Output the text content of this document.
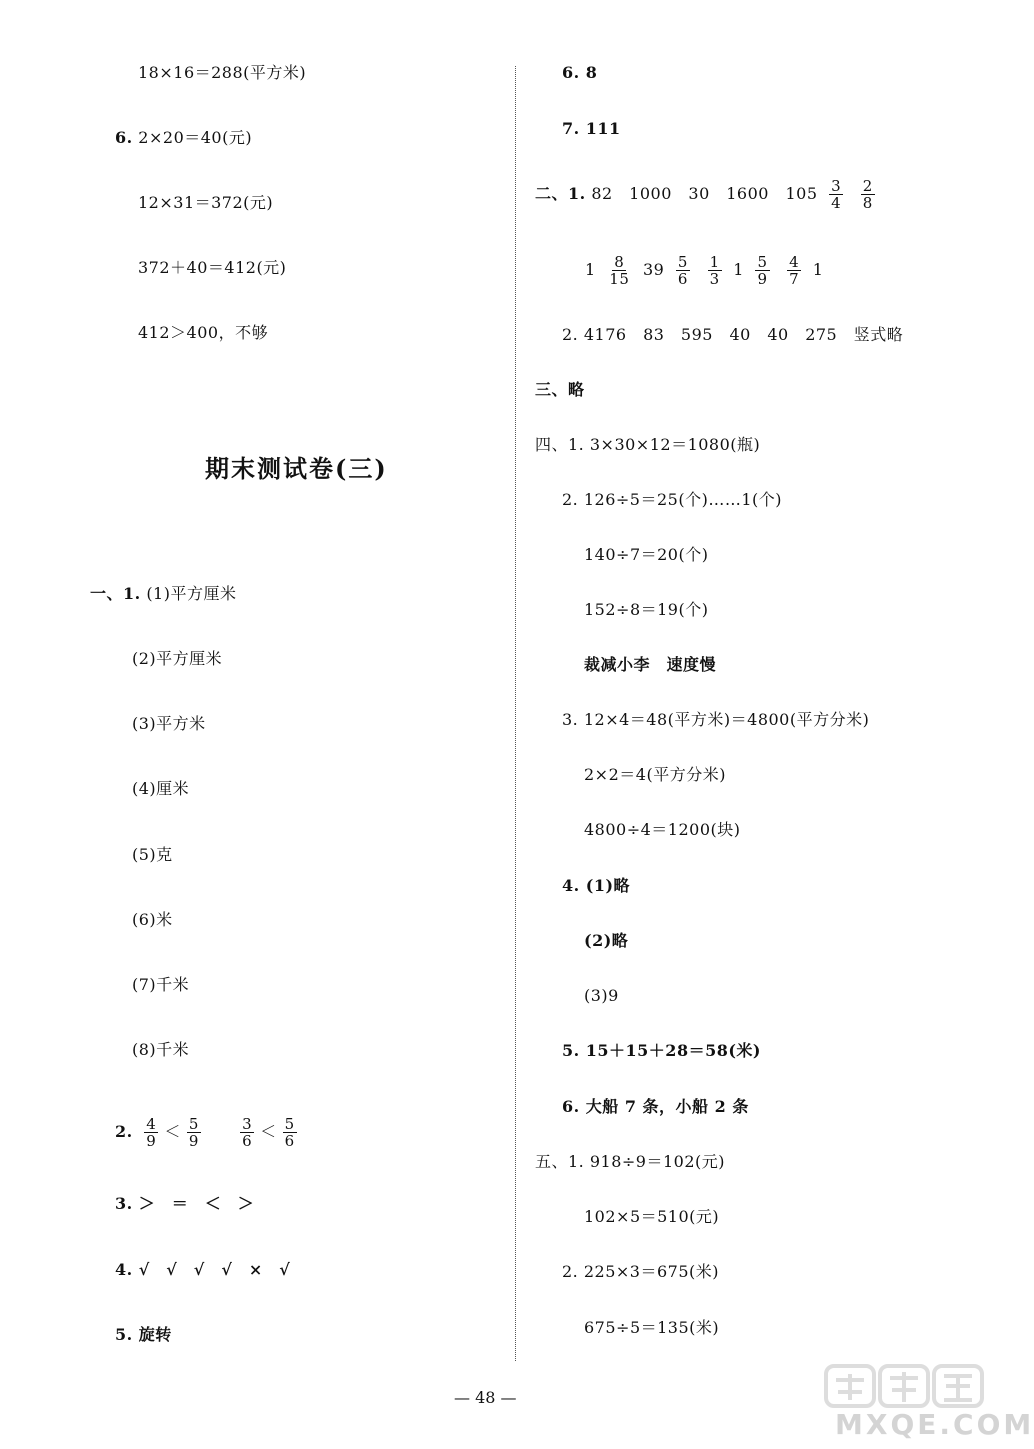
18×16＝288(平方米)
6. 2×20＝40(元)
12×31＝372(元)
372＋40＝412(元)
412＞400，不够
期末测试卷(三)
一、1. (1)平方厘米
(2)平方厘米
(3)平方米
(4)厘米
(5)克
(6)米
(7)千米
(8)千米
2. $\frac{4}{9} < \frac{5}{9}$
	$\frac{3}{6} < \frac{5}{6}$
3. ＞　＝　＜　＞
4. √　√　√　√　×　√
5. 旋转
6. 8
7. 111
二、1. 82　1000　30　1600　$105 \frac{3}{4}$
$\frac{2}{8}$
$1 \frac{8}{15} 39 \frac{5}{6}$
$\frac{1}{3} 1 \frac{5}{9}$
$\frac{4}{7} 1$
2. 4176　83　595　40　40　275　竖式略
三、略
四、1. 3×30×12＝1080(瓶)
2. 126÷5＝25(个)……1(个)
140÷7＝20(个)
152÷8＝19(个)
裁减小李　速度慢
3. 12×4＝48(平方米)＝4800(平方分米)
2×2＝4(平方分米)
4800÷4＝1200(块)
4. (1)略
(2)略
(3)9
5. 15＋15＋28＝58(米)
6. 大船 7 条，小船 2 条
五、1. 918÷9＝102(元)
102×5＝510(元)
2. 225×3＝675(米)
675÷5＝135(米)
— 48 —
MXQE.COM
